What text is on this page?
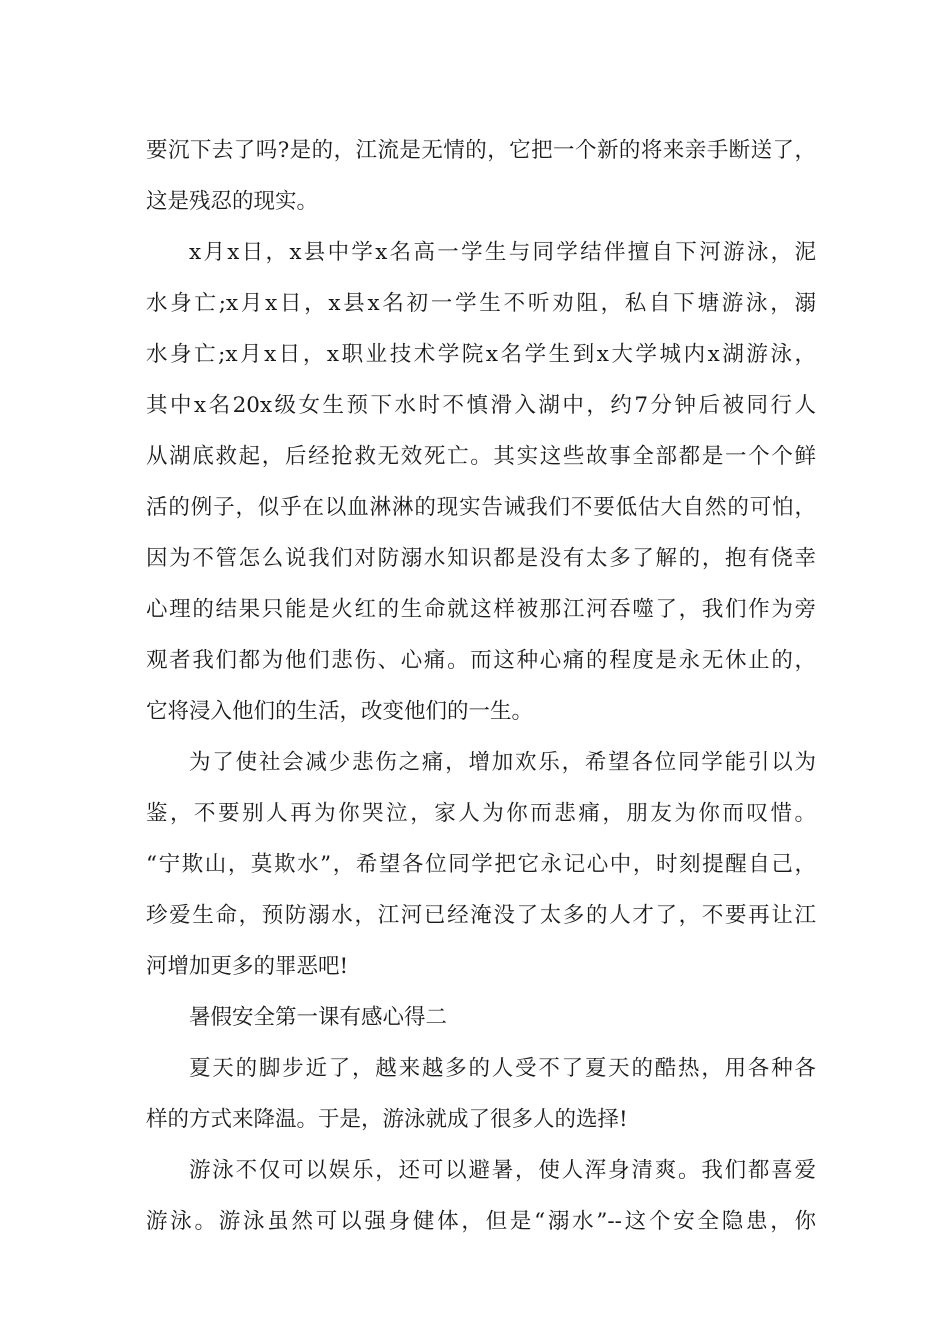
要沉下去了吗?是的，江流是无情的，它把一个新的将来亲手断送了，

这是残忍的现实。

x月x日，x县中学x名高一学生与同学结伴擅自下河游泳，泥

水身亡;x月x日，x县x名初一学生不听劝阻，私自下塘游泳，溺

水身亡;x月x日，x职业技术学院x名学生到x大学城内x湖游泳，

其中x名20x级女生预下水时不慎滑入湖中，约7分钟后被同行人

从湖底救起，后经抢救无效死亡。其实这些故事全部都是一个个鲜

活的例子，似乎在以血淋淋的现实告诫我们不要低估大自然的可怕，

因为不管怎么说我们对防溺水知识都是没有太多了解的，抱有侥幸

心理的结果只能是火红的生命就这样被那江河吞噬了，我们作为旁

观者我们都为他们悲伤、心痛。而这种心痛的程度是永无休止的，

它将浸入他们的生活，改变他们的一生。

为了使社会减少悲伤之痛，增加欢乐，希望各位同学能引以为

鉴，不要别人再为你哭泣，家人为你而悲痛，朋友为你而叹惜。

“宁欺山，莫欺水”，希望各位同学把它永记心中，时刻提醒自己，

珍爱生命，预防溺水，江河已经淹没了太多的人才了，不要再让江

河增加更多的罪恶吧!

暑假安全第一课有感心得二

夏天的脚步近了，越来越多的人受不了夏天的酷热，用各种各

样的方式来降温。于是，游泳就成了很多人的选择!

游泳不仅可以娱乐，还可以避暑，使人浑身清爽。我们都喜爱

游泳。游泳虽然可以强身健体，但是“溺水”--这个安全隐患，你
